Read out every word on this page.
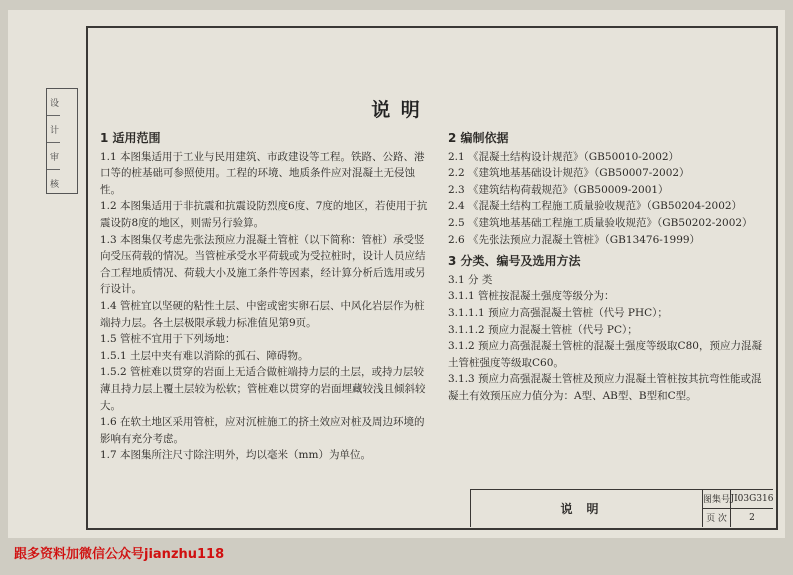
设
计
审
核
说 明
1 适用范围

1.1 本图集适用于工业与民用建筑、市政建设等工程。铁路、公路、港口等的桩基础可参照使用。工程的环境、地质条件应对混凝土无侵蚀性。

1.2 本图集适用于非抗震和抗震设防烈度6度、7度的地区，若使用于抗震设防8度的地区，则需另行验算。

1.3 本图集仅考虑先张法预应力混凝土管桩（以下简称：管桩）承受竖向受压荷载的情况。当管桩承受水平荷载或为受拉桩时，设计人员应结合工程地质情况、荷载大小及施工条件等因素，经计算分析后选用或另行设计。

1.4 管桩宜以坚硬的粘性土层、中密或密实卵石层、中风化岩层作为桩端持力层。各土层极限承载力标准值见第9页。

1.5 管桩不宜用于下列场地：

1.5.1 土层中夹有难以消除的孤石、障碍物。

1.5.2 管桩难以贯穿的岩面上无适合做桩端持力层的土层，或持力层较薄且持力层上覆土层较为松软；管桩难以贯穿的岩面埋藏较浅且倾斜较大。

1.6 在软土地区采用管桩，应对沉桩施工的挤土效应对桩及周边环境的影响有充分考虑。

1.7 本图集所注尺寸除注明外，均以毫米（mm）为单位。

2 编制依据

2.1 《混凝土结构设计规范》（GB50010-2002）

2.2 《建筑地基基础设计规范》（GB50007-2002）

2.3 《建筑结构荷载规范》（GB50009-2001）

2.4 《混凝土结构工程施工质量验收规范》（GB50204-2002）

2.5 《建筑地基基础工程施工质量验收规范》（GB50202-2002）

2.6 《先张法预应力混凝土管桩》（GB13476-1999）

3 分类、编号及选用方法

3.1 分 类

3.1.1 管桩按混凝土强度等级分为：

3.1.1.1 预应力高强混凝土管桩（代号 PHC）；

3.1.1.2 预应力混凝土管桩（代号 PC）；

3.1.2 预应力高强混凝土管桩的混凝土强度等级取C80，预应力混凝土管桩强度等级取C60。

3.1.3 预应力高强混凝土管桩及预应力混凝土管桩按其抗弯性能或混凝土有效预压应力值分为：A型、AB型、B型和C型。

说明
图集号 JI03G316
页 次	2
跟多资料加微信公众号jianzhu118
